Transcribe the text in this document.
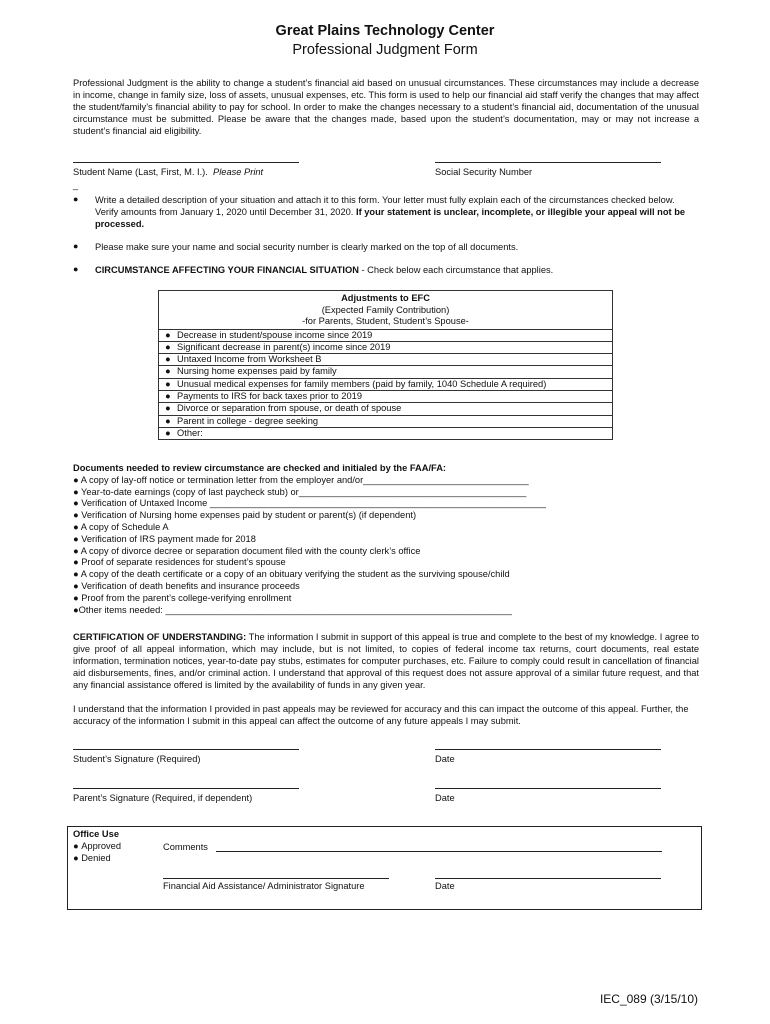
Great Plains Technology Center
Professional Judgment Form
Professional Judgment is the ability to change a student’s financial aid based on unusual circumstances. These circumstances may include a decrease in income, change in family size, loss of assets, unusual expenses, etc. This form is used to help our financial aid staff verify the changes that may affect the student/family’s financial ability to pay for school. In order to make the changes necessary to a student’s financial aid, documentation of the unusual circumstance must be submitted. Please be aware that the changes made, based upon the student’s documentation, may or may not increase a student’s financial aid eligibility.
Student Name (Last, First, M. I.). Please Print	Social Security Number
_
● Write a detailed description of your situation and attach it to this form. Your letter must fully explain each of the circumstances checked below. Verify amounts from January 1, 2020 until December 31, 2020. If your statement is unclear, incomplete, or illegible your appeal will not be processed.
● Please make sure your name and social security number is clearly marked on the top of all documents.
● CIRCUMSTANCE AFFECTING YOUR FINANCIAL SITUATION - Check below each circumstance that applies.
Adjustments to EFC
(Expected Family Contribution)
-for Parents, Student, Student’s Spouse-

● Decrease in student/spouse income since 2019
● Significant decrease in parent(s) income since 2019
● Untaxed Income from Worksheet B
● Nursing home expenses paid by family
● Unusual medical expenses for family members (paid by family, 1040 Schedule A required)
● Payments to IRS for back taxes prior to 2019
● Divorce or separation from spouse, or death of spouse
● Parent in college - degree seeking
● Other:
Documents needed to review circumstance are checked and initialed by the FAA/FA:
● A copy of lay-off notice or termination letter from the employer and/or________________________________
● Year-to-date earnings (copy of last paycheck stub) or____________________________________________
● Verification of Untaxed Income _________________________________________________________________
● Verification of Nursing home expenses paid by student or parent(s) (if dependent)
● A copy of Schedule A
● Verification of IRS payment made for 2018
● A copy of divorce decree or separation document filed with the county clerk’s office
● Proof of separate residences for student’s spouse
● A copy of the death certificate or a copy of an obituary verifying the student as the surviving spouse/child
● Verification of death benefits and insurance proceeds
● Proof from the parent’s college-verifying enrollment
●Other items needed: ___________________________________________________________________
CERTIFICATION OF UNDERSTANDING: The information I submit in support of this appeal is true and complete to the best of my knowledge. I agree to give proof of all appeal information, which may include, but is not limited, to copies of federal income tax returns, court documents, real estate information, termination notices, year-to-date pay stubs, estimates for computer purchases, etc. Failure to comply could result in cancellation of financial aid disbursements, fines, and/or criminal action. I understand that approval of this request does not assure approval of a similar future request, and that any financial assistance offered is limited by the availability of funds in any given year.
I understand that the information I provided in past appeals may be reviewed for accuracy and this can impact the outcome of this appeal. Further, the accuracy of the information I submit in this appeal can affect the outcome of any future appeals I may submit.
Student’s Signature (Required)	Date
Parent’s Signature (Required, if dependent)	Date
Office Use
● Approved
● Denied
Comments
Financial Aid Assistance/ Administrator Signature	Date
IEC_089 (3/15/10)
